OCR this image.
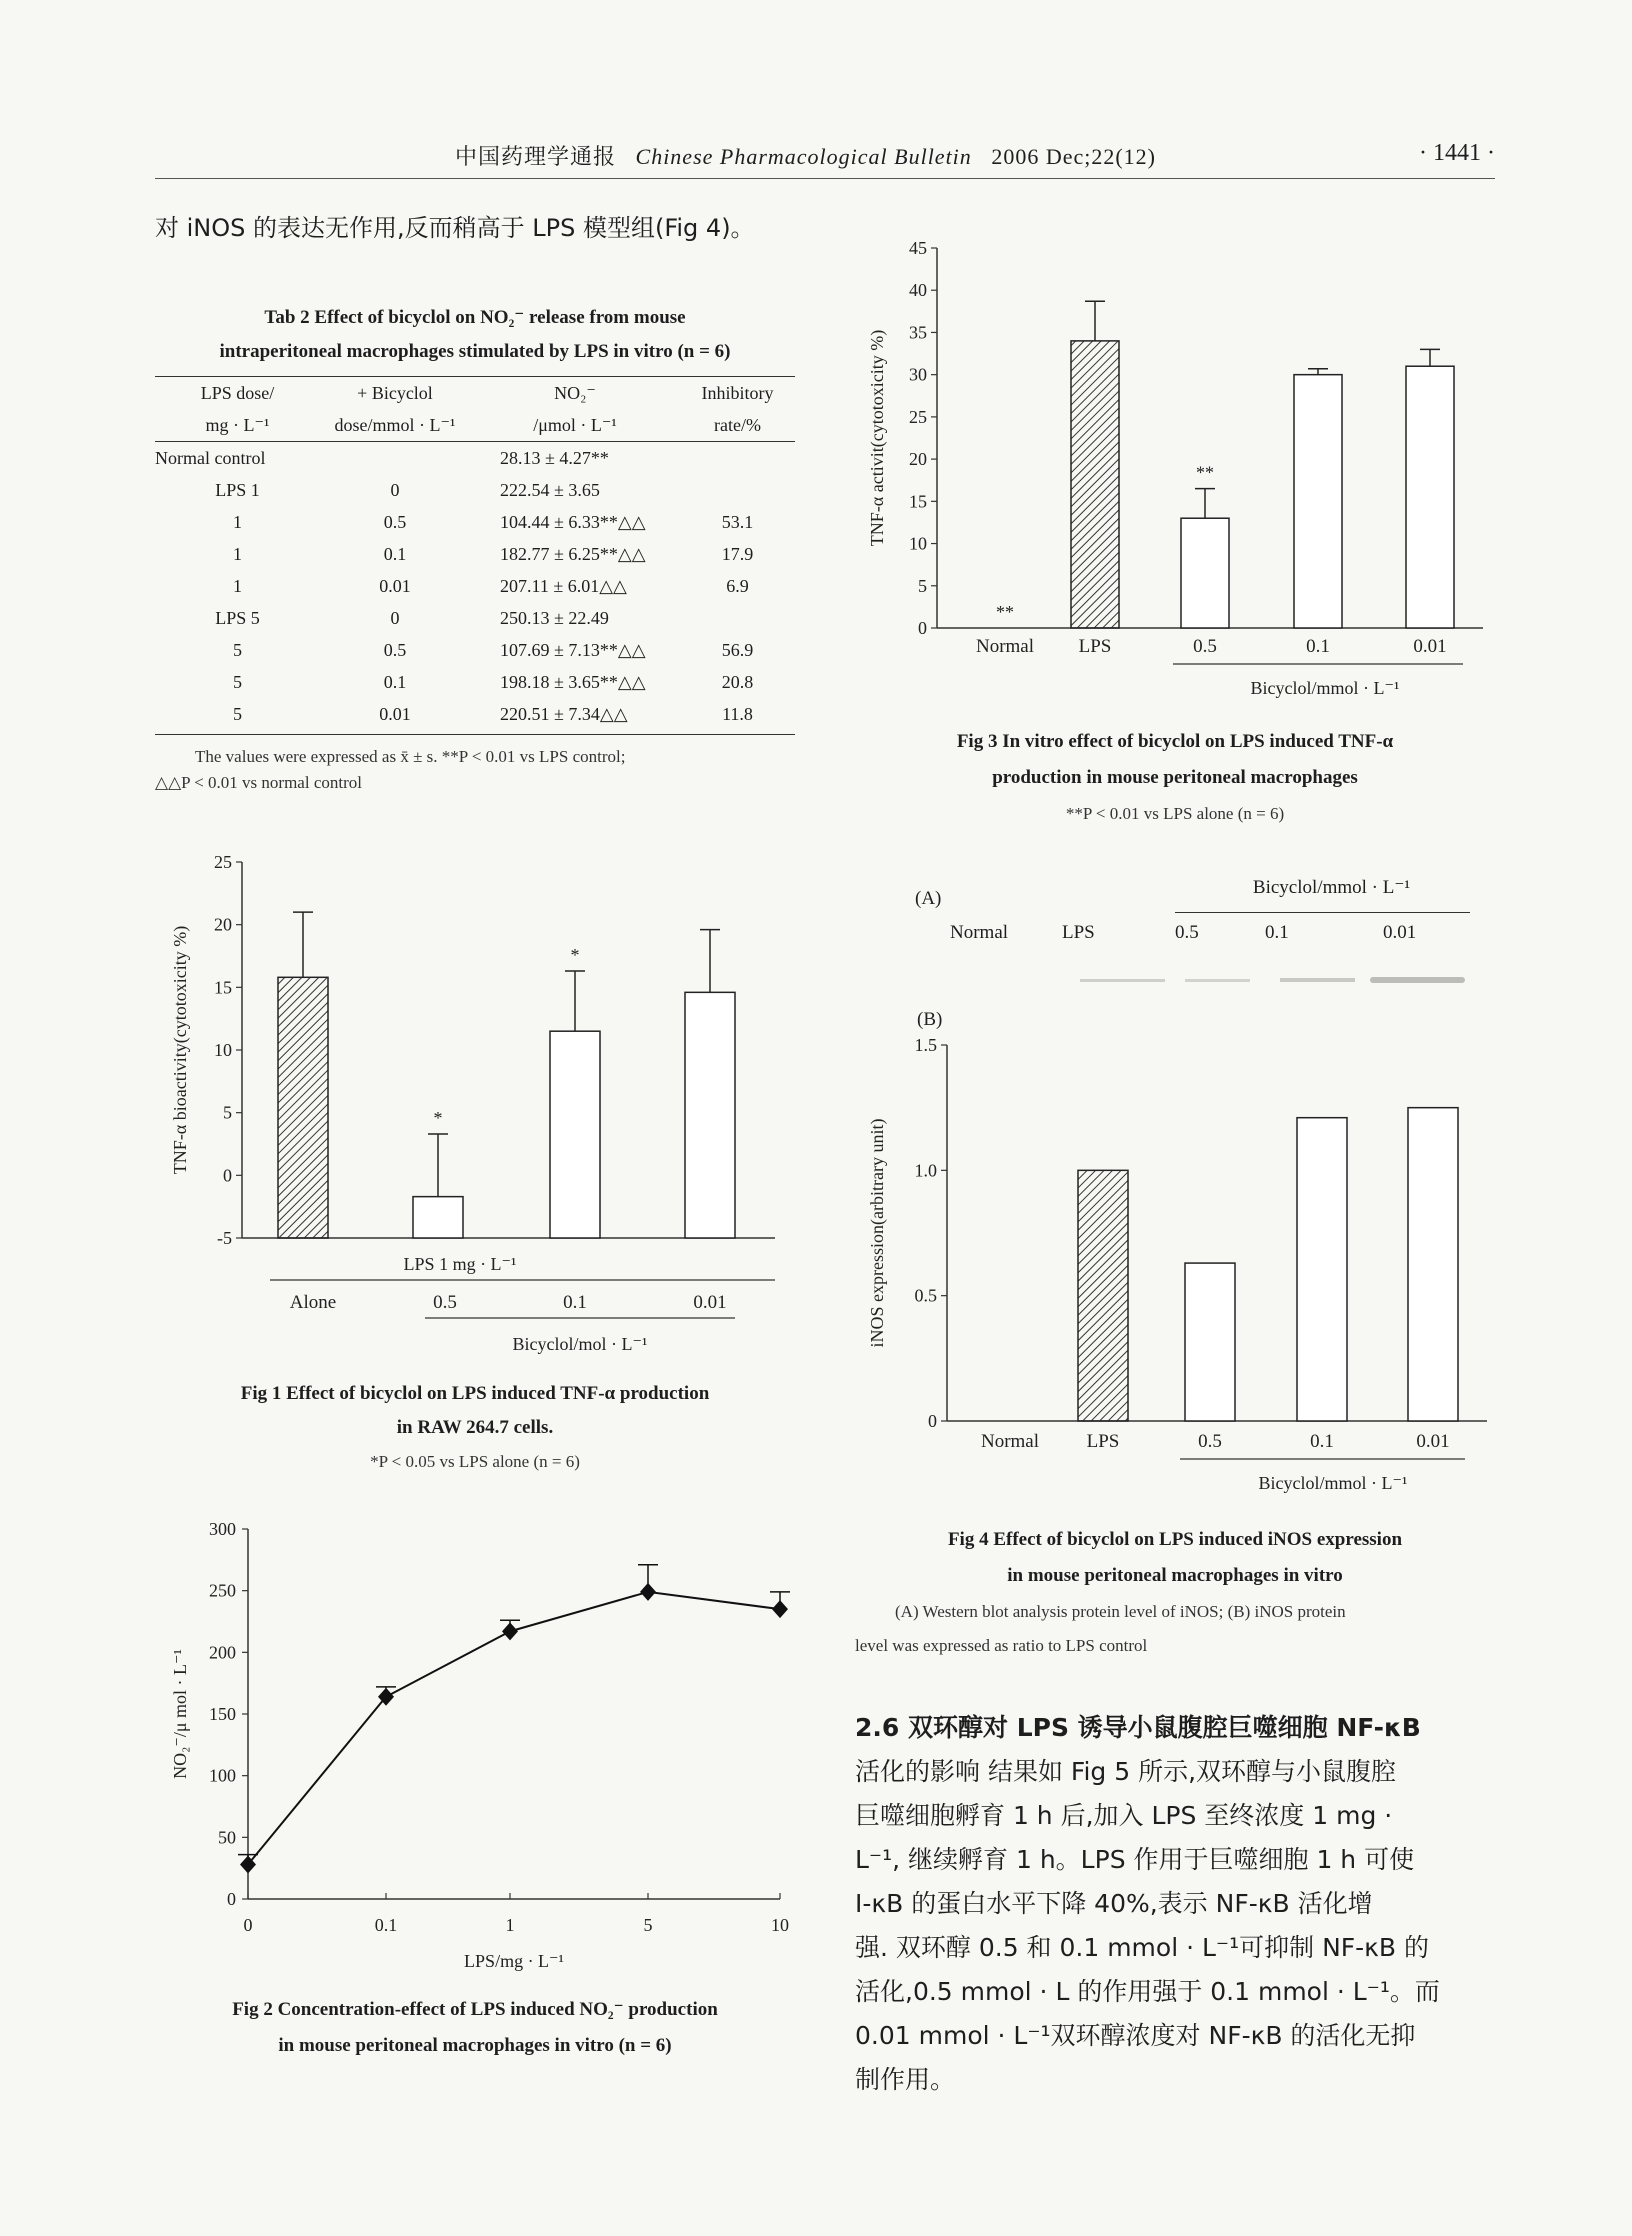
中国药理学通报 Chinese Pharmacological Bulletin 2006 Dec;22(12)	· 1441 ·
对 iNOS 的表达无作用,反而稍高于 LPS 模型组(Fig 4)。
Tab 2 Effect of bicyclol on NO₂⁻ release from mouse
intraperitoneal macrophages stimulated by LPS in vitro (n = 6)
LPS dose/	+ Bicyclol	NO₂⁻	Inhibitory
mg · L⁻¹	dose/mmol · L⁻¹	/μmol · L⁻¹	rate/%
Normal control		28.13 ± 4.27**	
LPS 1	0	222.54 ± 3.65	
1	0.5	104.44 ± 6.33**△△	53.1
1	0.1	182.77 ± 6.25**△△	17.9
1	0.01	207.11 ± 6.01△△	6.9
LPS 5	0	250.13 ± 22.49	
5	0.5	107.69 ± 7.13**△△	56.9
5	0.1	198.18 ± 3.65**△△	20.8
5	0.01	220.51 ± 7.34△△	11.8
The values were expressed as x̄ ± s. **P < 0.01 vs LPS control;
△△P < 0.01 vs normal control
-5
0
5
10
15
20
25
TNF-α bioactivity(cytotoxicity %)	*
*
LPS 1 mg · L⁻¹
Alone	0.5	0.1	0.01
Bicyclol/mol · L⁻¹
Fig 1 Effect of bicyclol on LPS induced TNF-α production
in RAW 264.7 cells.
*P < 0.05 vs LPS alone (n = 6)
0
50
100
150
200
250
300
0	0.1	1	5	10
LPS/mg · L⁻¹
NO₂⁻/μ mol · L⁻¹
Fig 2 Concentration-effect of LPS induced NO₂⁻ production
in mouse peritoneal macrophages in vitro (n = 6)
0
5
10
15
20
25
30
35
40
45
TNF-α activit(cytotoxicity %)
**
Normal LPS
**
0.5	0.1	0.01
Bicyclol/mmol · L⁻¹
Fig 3 In vitro effect of bicyclol on LPS induced TNF-α
production in mouse peritoneal macrophages
**P < 0.01 vs LPS alone (n = 6)
(A)
Bicyclol/mmol · L⁻¹
Normal	LPS	0.5	0.1	0.01
(B)
0
0.5
1.0
1.5
iNOS expression(arbitrary unit)
Normal	LPS	0.5	0.1	0.01
Bicyclol/mmol · L⁻¹
Fig 4 Effect of bicyclol on LPS induced iNOS expression
in mouse peritoneal macrophages in vitro
(A) Western blot analysis protein level of iNOS; (B) iNOS protein
level was expressed as ratio to LPS control
2.6 双环醇对 LPS 诱导小鼠腹腔巨噬细胞 NF-κB
活化的影响 结果如 Fig 5 所示,双环醇与小鼠腹腔
巨噬细胞孵育 1 h 后,加入 LPS 至终浓度 1 mg ·
L⁻¹, 继续孵育 1 h。LPS 作用于巨噬细胞 1 h 可使
I-κB 的蛋白水平下降 40%,表示 NF-κB 活化增
强. 双环醇 0.5 和 0.1 mmol · L⁻¹可抑制 NF-κB 的
活化,0.5 mmol · L 的作用强于 0.1 mmol · L⁻¹。而
0.01 mmol · L⁻¹双环醇浓度对 NF-κB 的活化无抑
制作用。
